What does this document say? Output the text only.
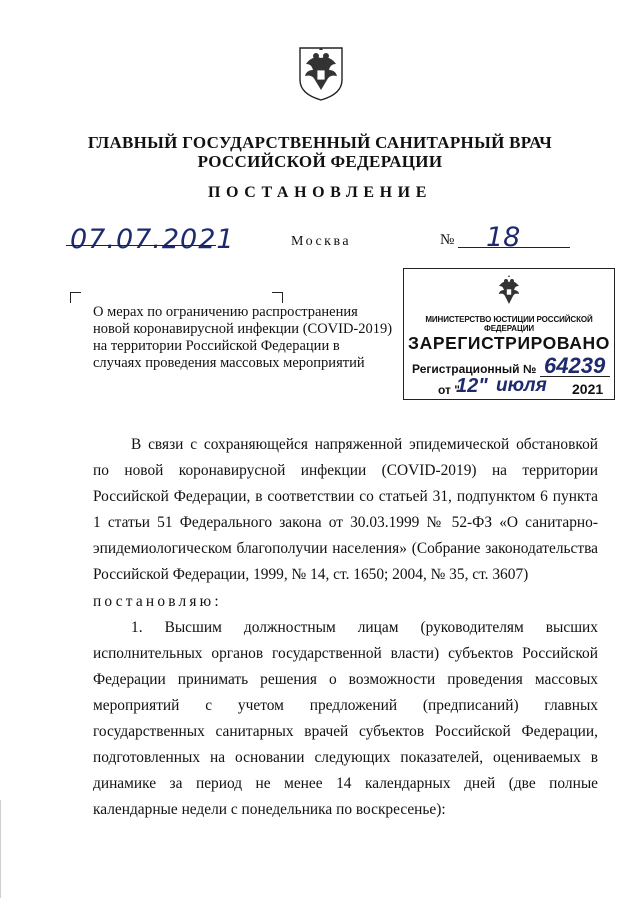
ГЛАВНЫЙ ГОСУДАРСТВЕННЫЙ САНИТАРНЫЙ ВРАЧ
РОССИЙСКОЙ ФЕДЕРАЦИИ
ПОСТАНОВЛЕНИЕ
07.07.2021	Москва	№ 18
О мерах по ограничению распространения
новой коронавирусной инфекции (COVID-2019)
на территории Российской Федерации в
случаях проведения массовых мероприятий
МИНИСТЕРСТВО ЮСТИЦИИ РОССИЙСКОЙ ФЕДЕРАЦИИ
ЗАРЕГИСТРИРОВАНО
Регистрационный № 64239
от "
12" июля 2021

В связи с сохраняющейся напряженной эпидемической обстановкой по новой коронавирусной инфекции (COVID-2019) на территории Российской Федерации, в соответствии со статьей 31, подпунктом 6 пункта 1 статьи 51 Федерального закона от 30.03.1999 № 52-ФЗ «О санитарно-эпидемиологическом благополучии населения» (Собрание законодательства Российской Федерации, 1999, № 14, ст. 1650; 2004, № 35, ст. 3607)

постановляю:

1. Высшим должностным лицам (руководителям высших исполнительных органов государственной власти) субъектов Российской Федерации принимать решения о возможности проведения массовых мероприятий с учетом предложений (предписаний) главных государственных санитарных врачей субъектов Российской Федерации, подготовленных на основании следующих показателей, оцениваемых в динамике за период не менее 14 календарных дней (две полные календарные недели с понедельника по воскресенье):
